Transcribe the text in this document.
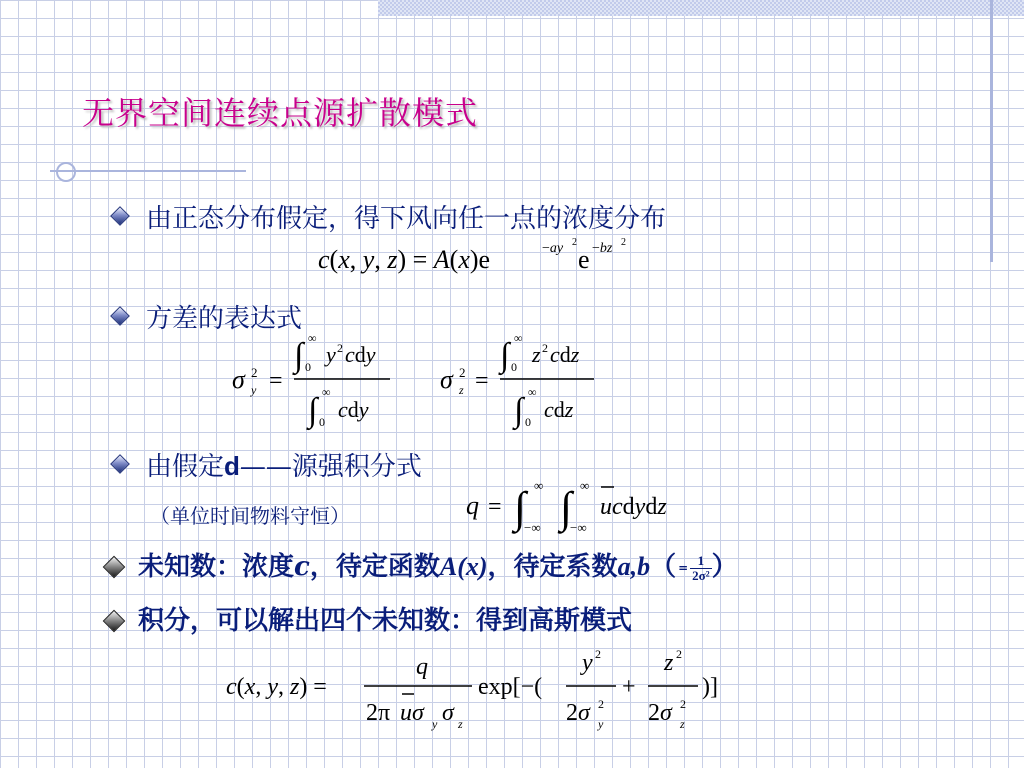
无界空间连续点源扩散模式
由正态分布假定，得下风向任一点的浓度分布
c(x, y, z) = A(x)e	−ay 2
e −bz 2
方差的表达式
σ 2
y =
∫ ∞
0 y 2 cdy
∫ ∞
0 cdy
σ 2
z =
∫ ∞
0 z 2 cdz
∫ ∞
0 cdz
由假定d——源强积分式
（单位时间物料守恒）	q = ∫ ∞
−∞ ∫ ∞
−∞
ucdydz
未知数：浓度c，待定函数A(x)，待定系数$a,b( = \frac{1}{\text{2σ²}}$ ）
积分，可以解出四个未知数：得到高斯模式
c(x, y, z) =
q
2π uσ y σ z
exp[−(
y 2
2σ 2
y
+
z 2
2σ 2
z
)]
